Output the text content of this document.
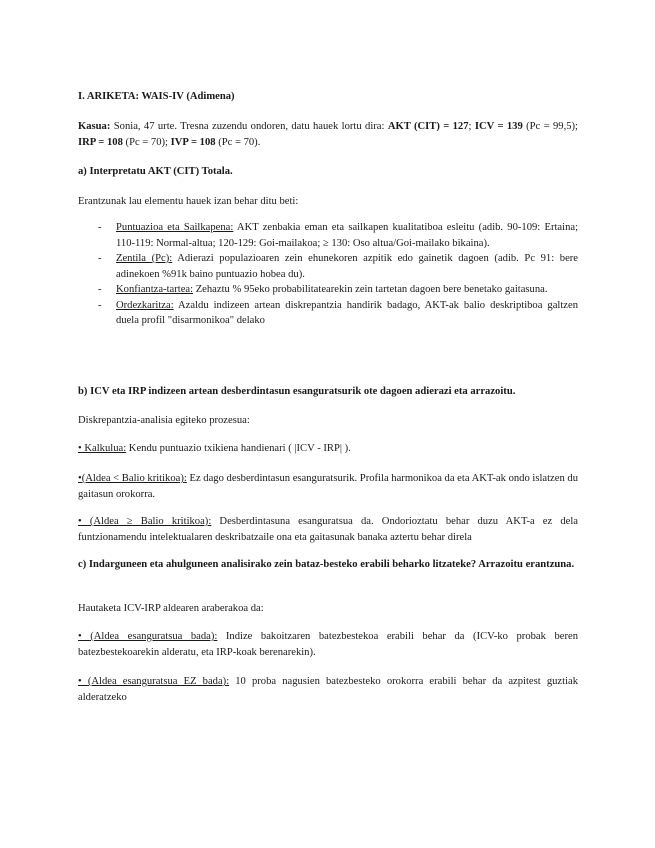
I. ARIKETA: WAIS-IV (Adimena)

Kasua: Sonia, 47 urte. Tresna zuzendu ondoren, datu hauek lortu dira: AKT (CIT) = 127; ICV = 139 (Pc = 99,5); IRP = 108 (Pc = 70); IVP = 108 (Pc = 70).

a) Interpretatu AKT (CIT) Totala.

Erantzunak lau elementu hauek izan behar ditu beti:

- Puntuazioa eta Sailkapena: AKT zenbakia eman eta sailkapen kualitatiboa esleitu (adib. 90-109: Ertaina; 110-119: Normal-altua; 120-129: Goi-mailakoa; ≥ 130: Oso altua/Goi-mailako bikaina).
- Zentila (Pc): Adierazi populazioaren zein ehunekoren azpitik edo gainetik dagoen (adib. Pc 91: bere adinekoen %91k baino puntuazio hobea du).
- Konfiantza-tartea: Zehaztu % 95eko probabilitatearekin zein tartetan dagoen bere benetako gaitasuna.
- Ordezkaritza: Azaldu indizeen artean diskrepantzia handirik badago, AKT-ak balio deskriptiboa galtzen duela profil "disarmonikoa" delako

b) ICV eta IRP indizeen artean desberdintasun esanguratsurik ote dagoen adierazi eta arrazoitu.

Diskrepantzia-analisia egiteko prozesua:

• Kalkulua: Kendu puntuazio txikiena handienari ( |ICV - IRP| ).

•(Aldea < Balio kritikoa): Ez dago desberdintasun esanguratsurik. Profila harmonikoa da eta AKT-ak ondo islatzen du gaitasun orokorra.

• (Aldea ≥ Balio kritikoa): Desberdintasuna esanguratsua da. Ondorioztatu behar duzu AKT-a ez dela funtzionamendu intelektualaren deskribatzaile ona eta gaitasunak banaka aztertu behar direla

c) Indarguneen eta ahulguneen analisirako zein bataz-besteko erabili beharko litzateke? Arrazoitu erantzuna.

Hautaketa ICV-IRP aldearen araberakoa da:

• (Aldea esanguratsua bada): Indize bakoitzaren batezbestekoa erabili behar da (ICV-ko probak beren batezbestekoarekin alderatu, eta IRP-koak berenarekin).

• (Aldea esanguratsua EZ bada): 10 proba nagusien batezbesteko orokorra erabili behar da azpitest guztiak alderatzeko
